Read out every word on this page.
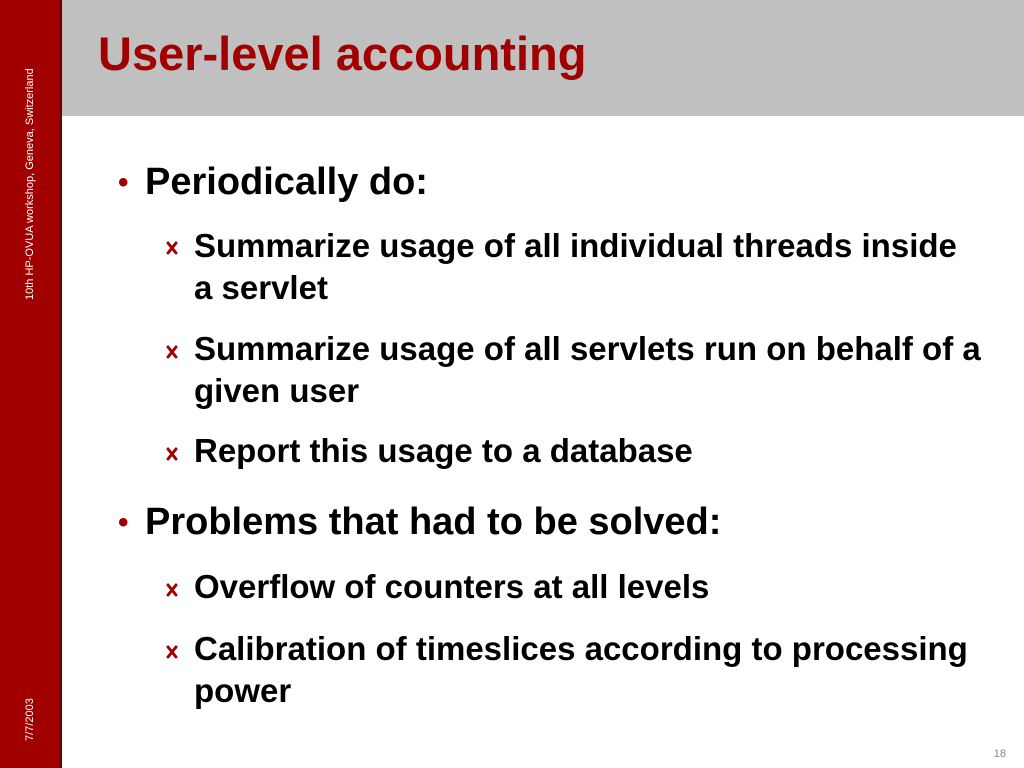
10th HP-OVUA workshop, Geneva, Switzerland
7/7/2003
User-level accounting
• Periodically do:
Summarize usage of all individual threads inside a servlet
Summarize usage of all servlets run on behalf of a given user
Report this usage to a database
• Problems that had to be solved:
Overflow of counters at all levels
Calibration of timeslices according to processing power
18
